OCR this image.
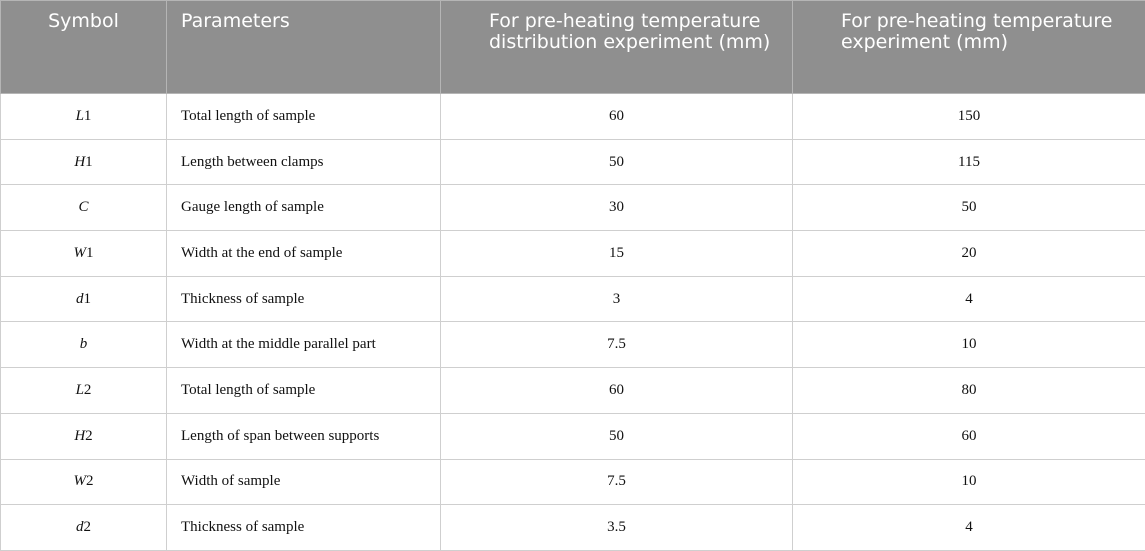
Symbol	Parameters	For pre-heating temperature distribution experiment (mm)	For pre-heating temperature experiment (mm)
L1	Total length of sample	60	150
H1	Length between clamps	50	115
C	Gauge length of sample	30	50
W1	Width at the end of sample	15	20
d1	Thickness of sample	3	4
b	Width at the middle parallel part	7.5	10
L2	Total length of sample	60	80
H2	Length of span between supports	50	60
W2	Width of sample	7.5	10
d2	Thickness of sample	3.5	4
